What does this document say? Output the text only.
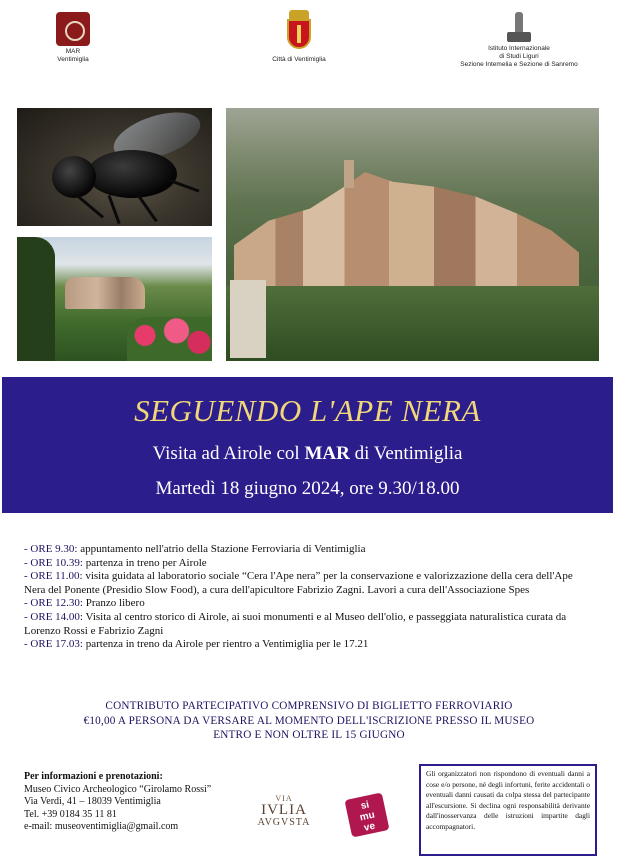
MAR
Ventimiglia	Città di Ventimiglia
Istituto Internazionale
di Studi Liguri
Sezione Intemelia e Sezione di Sanremo
SEGUENDO L'APE NERA
Visita ad Airole col MAR di Ventimiglia
Martedì 18 giugno 2024, ore 9.30/18.00

- ORE 9.30: appuntamento nell'atrio della Stazione Ferroviaria di Ventimiglia

- ORE 10.39: partenza in treno per Airole

- ORE 11.00: visita guidata al laboratorio sociale “Cera l'Ape nera” per la conservazione e valorizzazione della cera dell'Ape Nera del Ponente (Presidio Slow Food), a cura dell'apicultore Fabrizio Zagni. Lavori a cura dell'Associazione Spes

- ORE 12.30: Pranzo libero

- ORE 14.00: Visita al centro storico di Airole, ai suoi monumenti e al Museo dell'olio, e passeggiata naturalistica curata da Lorenzo Rossi e Fabrizio Zagni

- ORE 17.03: partenza in treno da Airole per rientro a Ventimiglia per le 17.21

CONTRIBUTO PARTECIPATIVO COMPRENSIVO DI BIGLIETTO FERROVIARIO
€10,00 A PERSONA DA VERSARE AL MOMENTO DELL'ISCRIZIONE PRESSO IL MUSEO
ENTRO E NON OLTRE IL 15 GIUGNO
Per informazioni e prenotazioni:
Museo Civico Archeologico “Girolamo Rossi”
Via Verdi, 41 – 18039 Ventimiglia
Tel. +39 0184 35 11 81
e-mail: museoventimiglia@gmail.com
VIA
IVLIA
AVGVSTA
si
mu
ve
Gli organizzatori non rispondono di eventuali danni a cose e/o persone, né degli infortuni, ferite accidentali o eventuali danni causati da colpa stessa del partecipante all'escursione. Si declina ogni responsabilità derivante dall'inosservanza delle istruzioni impartite dagli accompagnatori.
